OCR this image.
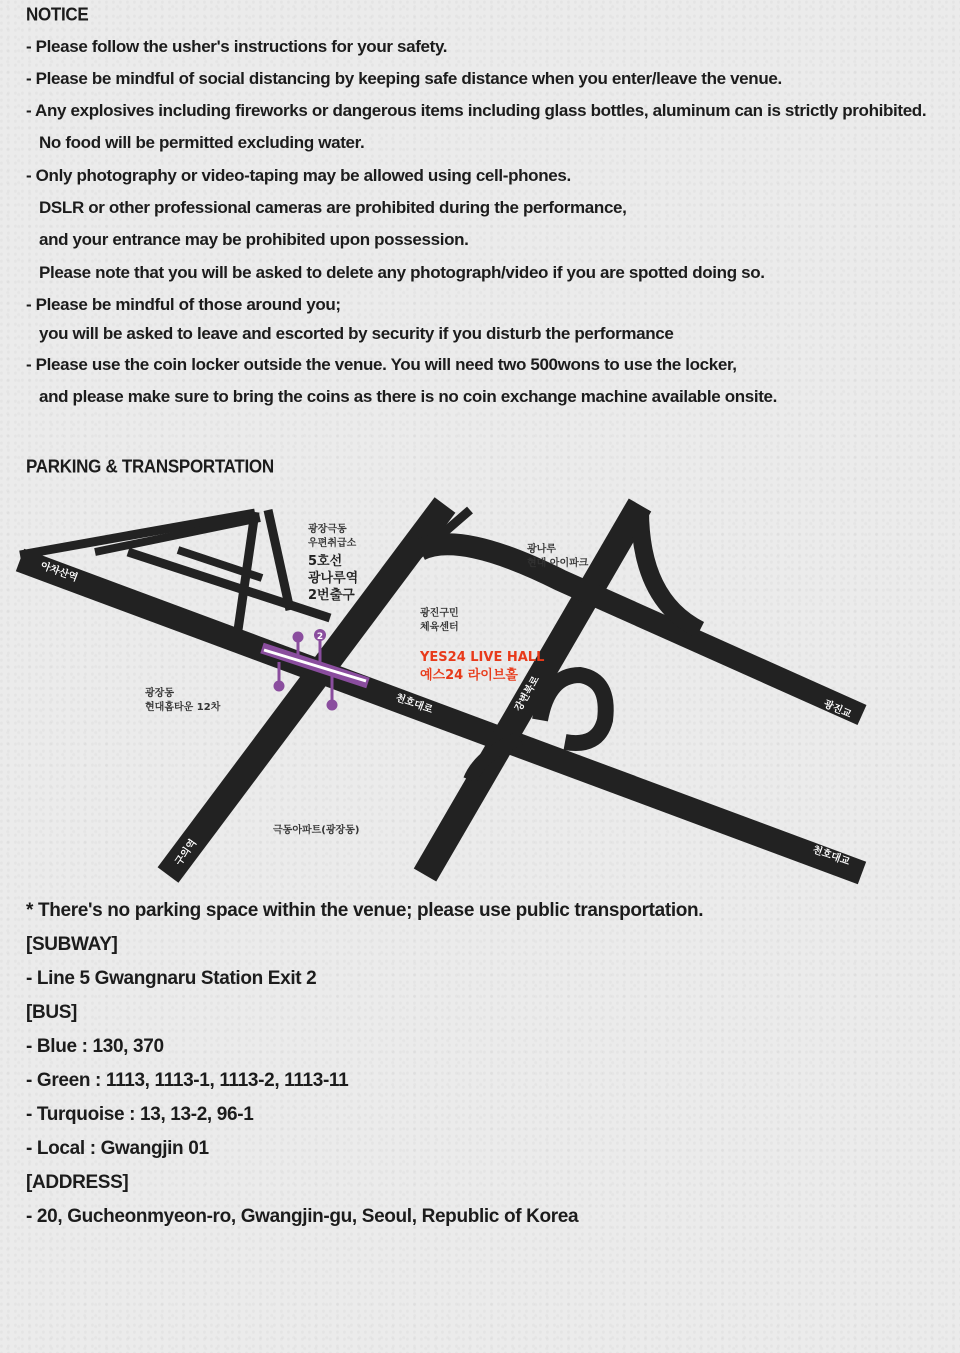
NOTICE
- Please follow the usher's instructions for your safety.
- Please be mindful of social distancing by keeping safe distance when you enter/leave the venue.
- Any explosives including fireworks or dangerous items including glass bottles, aluminum can is strictly prohibited.
No food will be permitted excluding water.
- Only photography or video-taping may be allowed using cell-phones.
DSLR or other professional cameras are prohibited during the performance,
and your entrance may be prohibited upon possession.
Please note that you will be asked to delete any photograph/video if you are spotted doing so.
- Please be mindful of those around you;
you will be asked to leave and escorted by security if you disturb the performance
- Please use the coin locker outside the venue. You will need two 500wons to use the locker,
and please make sure to bring the coins as there is no coin exchange machine available onsite.
PARKING & TRANSPORTATION
아차산역
천호대로	강변북로	광진교
천호대교
구의역
2
광장극동
우편취급소
5호선
광나루역
2번출구
광진구민
체육센터
YES24 LIVE HALL
예스24 라이브홀
광나루
현대 아이파크
광장동
현대홈타운 12차
극동아파트(광장동)
* There's no parking space within the venue; please use public transportation.
[SUBWAY]
- Line 5 Gwangnaru Station Exit 2
[BUS]
- Blue : 130, 370
- Green : 1113, 1113-1, 1113-2, 1113-11
- Turquoise : 13, 13-2, 96-1
- Local : Gwangjin 01
[ADDRESS]
- 20, Gucheonmyeon-ro, Gwangjin-gu, Seoul, Republic of Korea
